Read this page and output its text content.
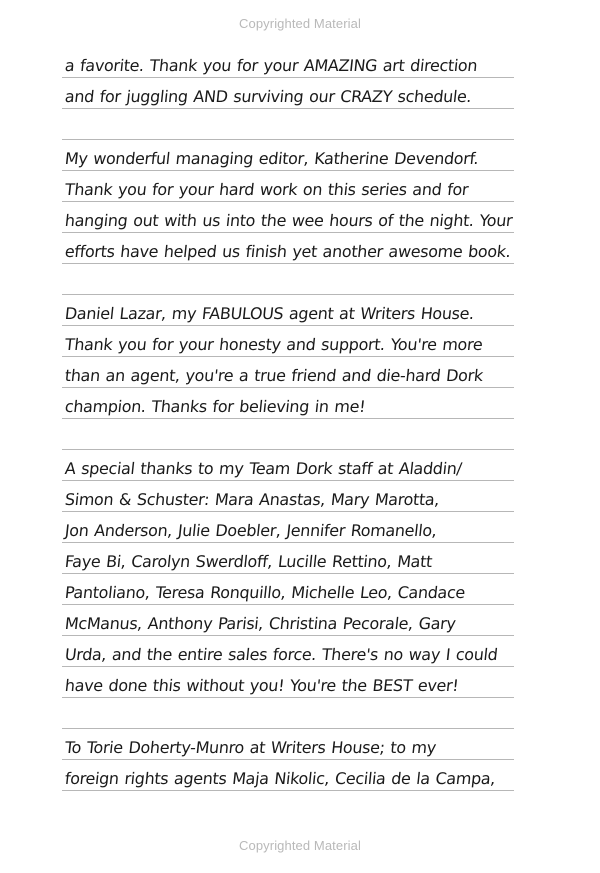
Copyrighted Material
a favorite. Thank you for your AMAZING art direction
and for juggling AND surviving our CRAZY schedule.
My wonderful managing editor, Katherine Devendorf.
Thank you for your hard work on this series and for
hanging out with us into the wee hours of the night. Your
efforts have helped us finish yet another awesome book.
Daniel Lazar, my FABULOUS agent at Writers House.
Thank you for your honesty and support. You're more
than an agent, you're a true friend and die-hard Dork
champion. Thanks for believing in me!
A special thanks to my Team Dork staff at Aladdin/
Simon & Schuster: Mara Anastas, Mary Marotta,
Jon Anderson, Julie Doebler, Jennifer Romanello,
Faye Bi, Carolyn Swerdloff, Lucille Rettino, Matt
Pantoliano, Teresa Ronquillo, Michelle Leo, Candace
McManus, Anthony Parisi, Christina Pecorale, Gary
Urda, and the entire sales force. There's no way I could
have done this without you! You're the BEST ever!
To Torie Doherty-Munro at Writers House; to my
foreign rights agents Maja Nikolic, Cecilia de la Campa,
Copyrighted Material
